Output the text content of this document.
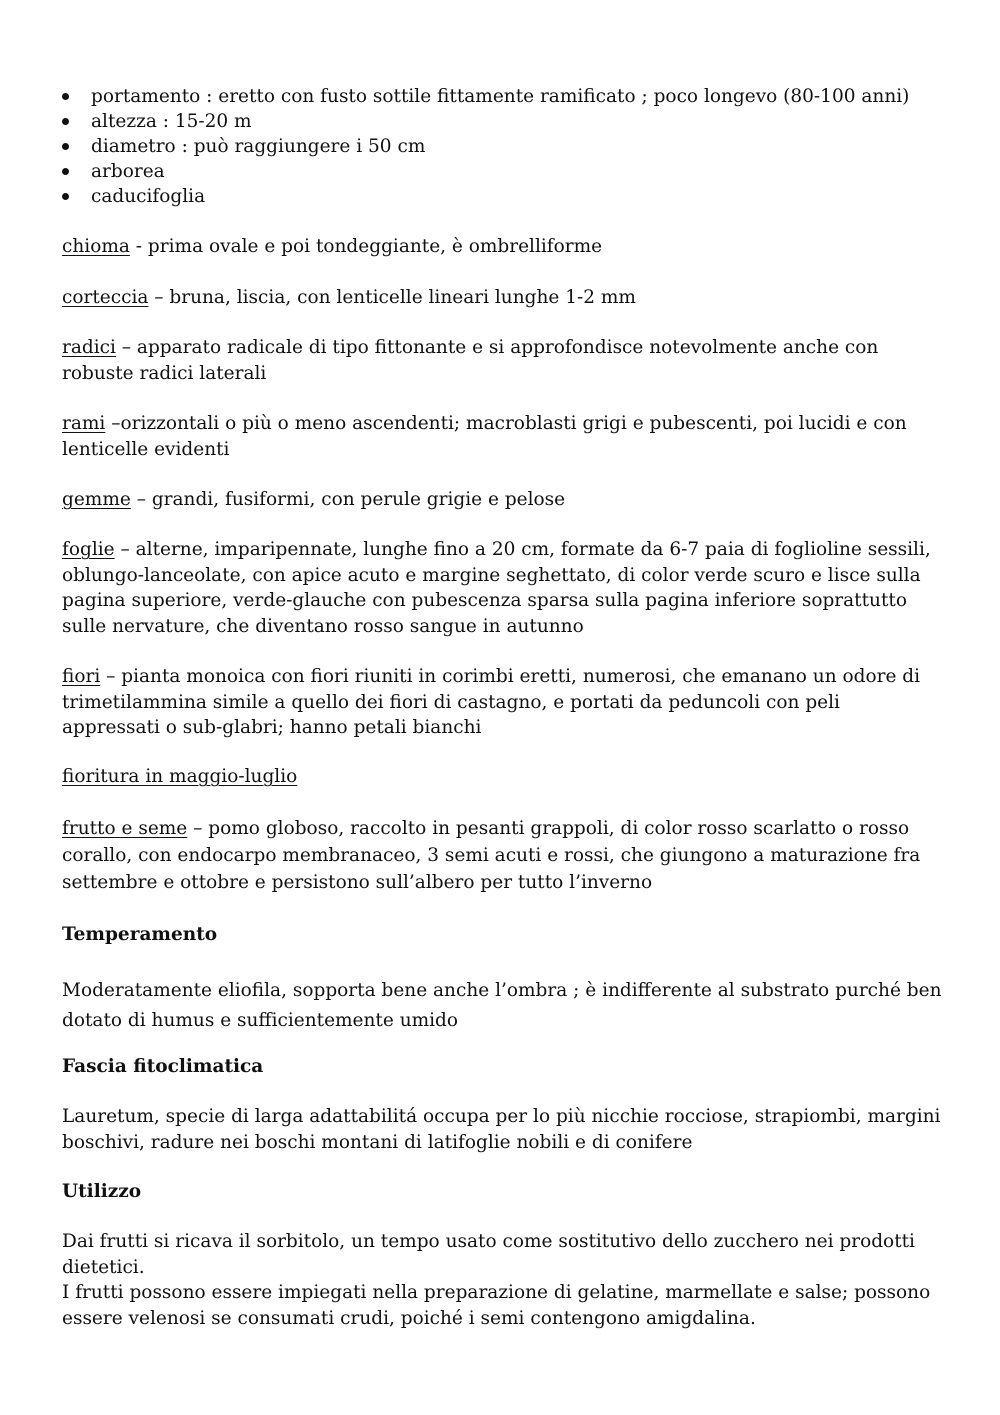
portamento : eretto con fusto sottile fittamente ramificato ; poco longevo (80-100 anni)
altezza : 15-20 m
diametro : può raggiungere i 50 cm
arborea
caducifoglia

chioma - prima ovale e poi tondeggiante, è ombrelliforme

corteccia – bruna, liscia, con lenticelle lineari lunghe 1-2 mm

radici – apparato radicale di tipo fittonante e si approfondisce notevolmente anche con robuste radici laterali

rami –orizzontali o più o meno ascendenti; macroblasti grigi e pubescenti, poi lucidi e con lenticelle evidenti

gemme – grandi, fusiformi, con perule grigie e pelose

foglie – alterne, imparipennate, lunghe fino a 20 cm, formate da 6-7 paia di foglioline sessili, oblungo-lanceolate, con apice acuto e margine seghettato, di color verde scuro e lisce sulla pagina superiore, verde-glauche con pubescenza sparsa sulla pagina inferiore soprattutto sulle nervature, che diventano rosso sangue in autunno

fiori – pianta monoica con fiori riuniti in corimbi eretti, numerosi, che emanano un odore di trimetilammina simile a quello dei fiori di castagno, e portati da peduncoli con peli appressati o sub-glabri; hanno petali bianchi

fioritura in maggio-luglio

frutto e seme – pomo globoso, raccolto in pesanti grappoli, di color rosso scarlatto o rosso corallo, con endocarpo membranaceo, 3 semi acuti e rossi, che giungono a maturazione fra settembre e ottobre e persistono sull’albero per tutto l’inverno

Temperamento

Moderatamente eliofila, sopporta bene anche l’ombra ; è indifferente al substrato purché ben dotato di humus e sufficientemente umido

Fascia fitoclimatica

Lauretum, specie di larga adattabilitá occupa per lo più nicchie rocciose, strapiombi, margini boschivi, radure nei boschi montani di latifoglie nobili e di conifere

Utilizzo

Dai frutti si ricava il sorbitolo, un tempo usato come sostitutivo dello zucchero nei prodotti dietetici.

I frutti possono essere impiegati nella preparazione di gelatine, marmellate e salse; possono essere velenosi se consumati crudi, poiché i semi contengono amigdalina.
